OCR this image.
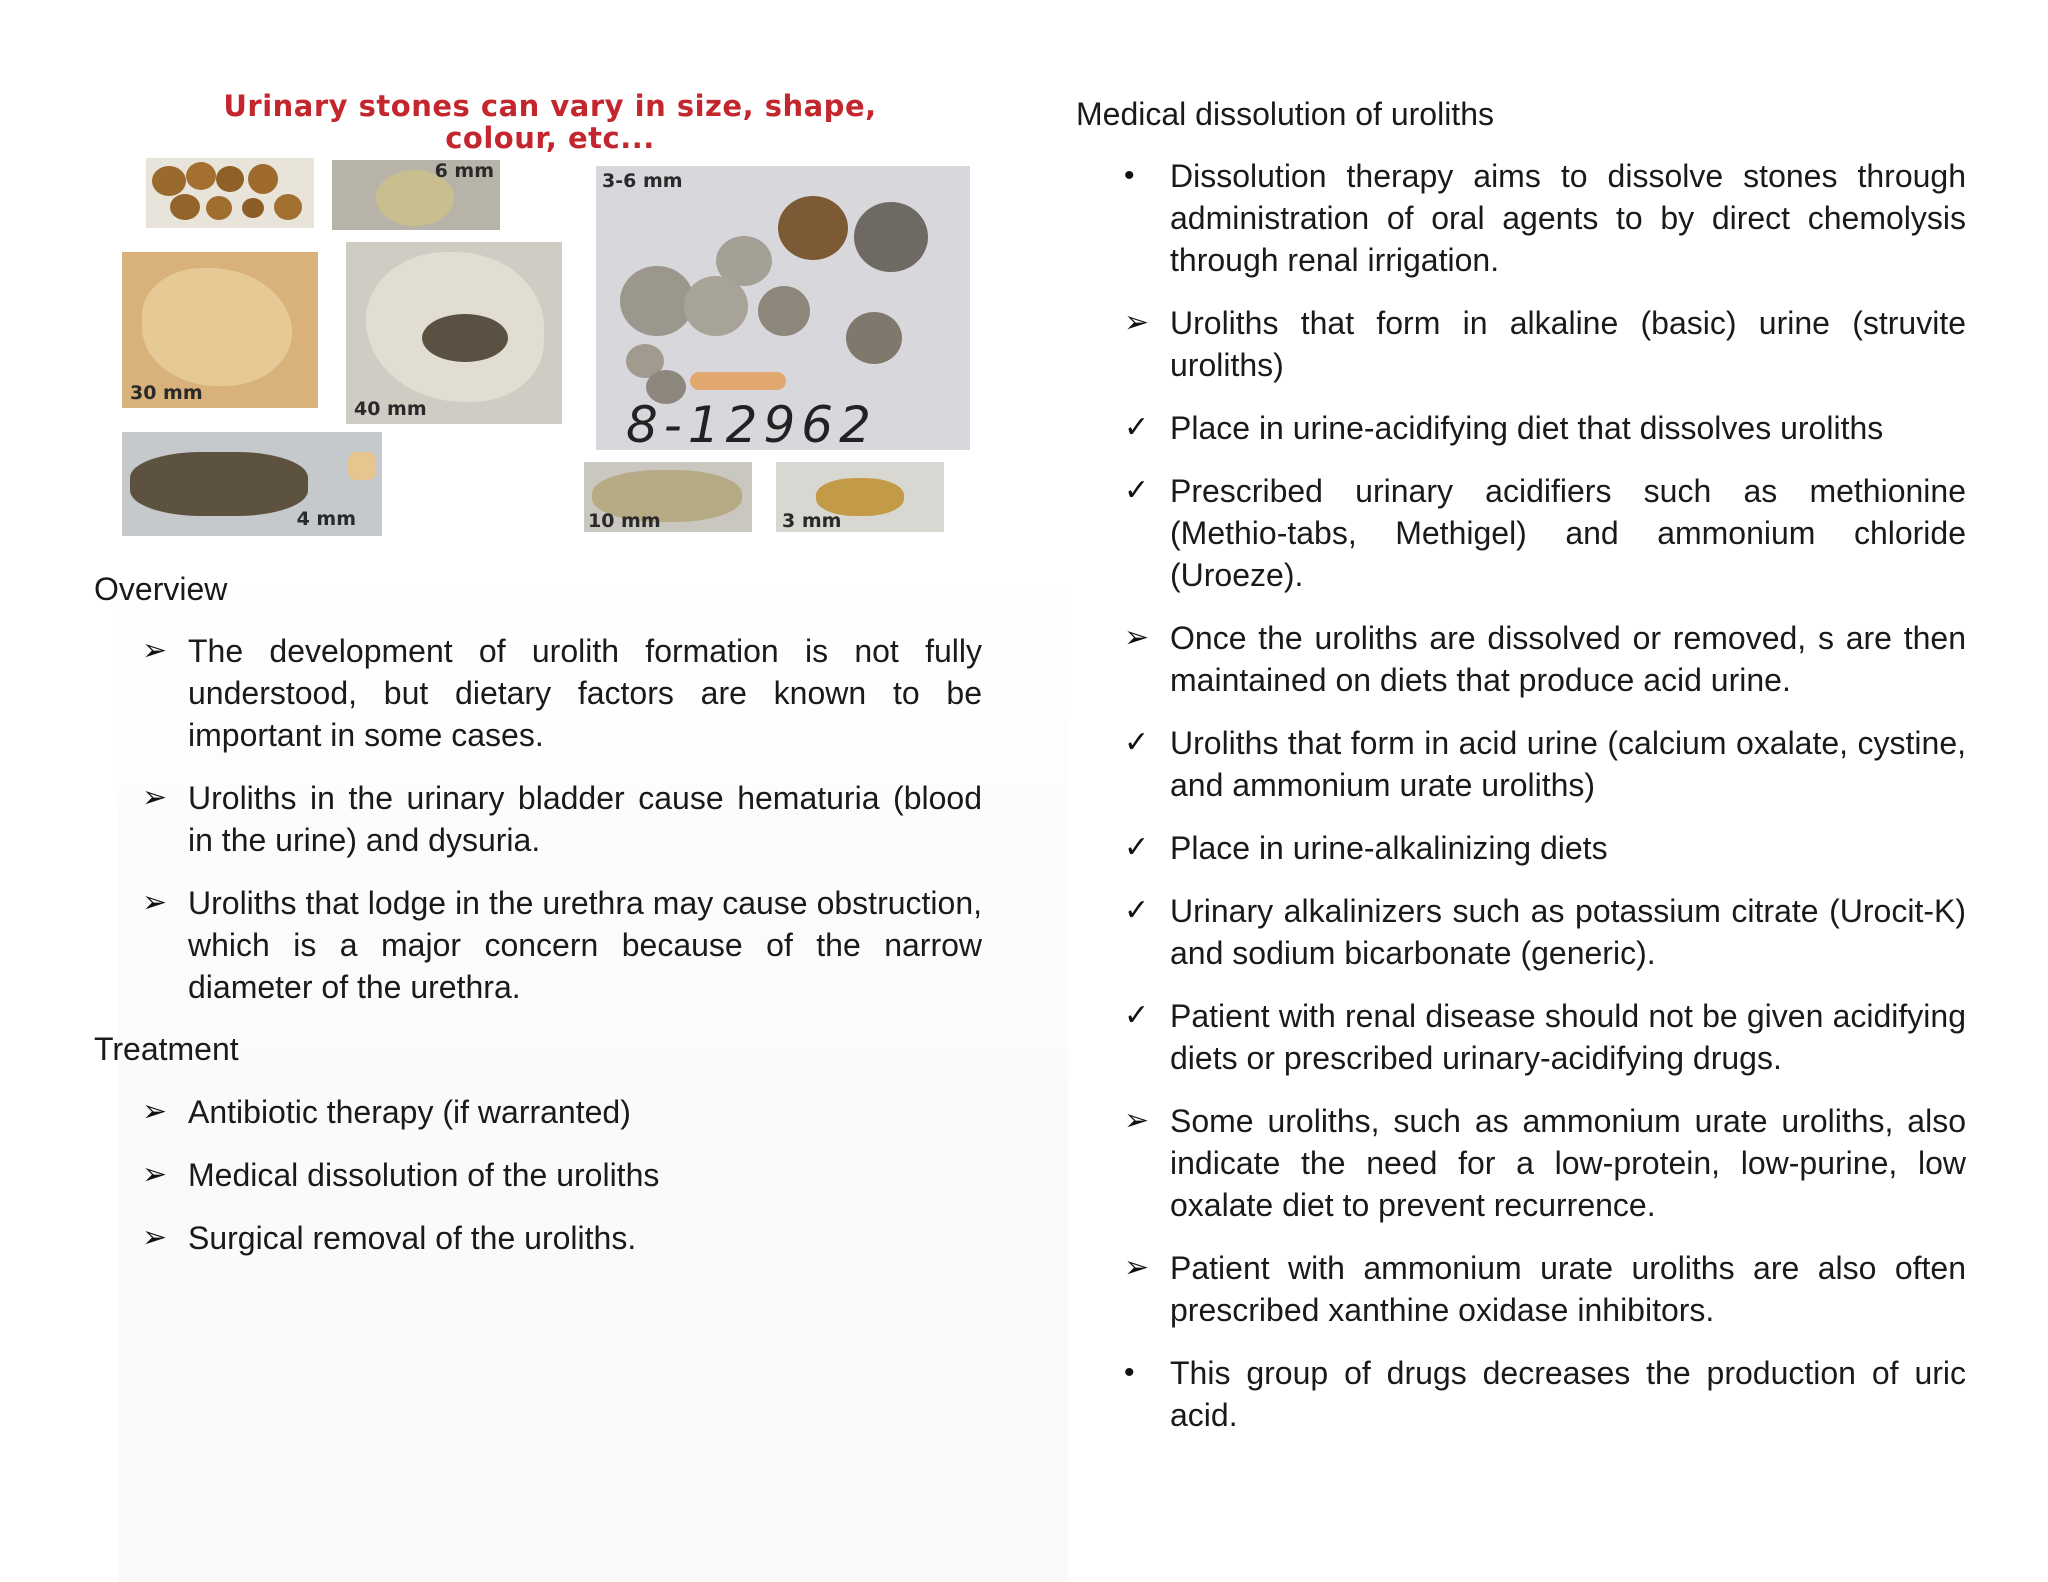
Urinary stones can vary in size, shape,
colour, etc...
6 mm	3-6 mm
8-12962
30 mm
40 mm
4 mm	10 mm	3 mm
Overview
➢ The development of urolith formation is not fully understood, but dietary factors are known to be important in some cases.
➢ Uroliths in the urinary bladder cause hematuria (blood in the urine) and dysuria.
➢ Uroliths that lodge in the urethra may cause obstruction, which is a major concern because of the narrow diameter of the urethra.
Treatment
➢ Antibiotic therapy (if warranted)
➢ Medical dissolution of the uroliths
➢ Surgical removal of the uroliths.
Medical dissolution of uroliths
•	Dissolution therapy aims to dissolve stones through administration of oral agents to by direct chemolysis through renal irrigation.
➢ Uroliths that form in alkaline (basic) urine (struvite uroliths)
✓ Place in urine-acidifying diet that dissolves uroliths
✓ Prescribed urinary acidifiers such as methionine (Methio-tabs, Methigel) and ammonium chloride (Uroeze).
➢ Once the uroliths are dissolved or removed, s are then maintained on diets that produce acid urine.
✓ Uroliths that form in acid urine (calcium oxalate, cystine, and ammonium urate uroliths)
✓ Place in urine-alkalinizing diets
✓ Urinary alkalinizers such as potassium citrate (Urocit-K) and sodium bicarbonate (generic).
✓ Patient with renal disease should not be given acidifying diets or prescribed urinary-acidifying drugs.
➢ Some uroliths, such as ammonium urate uroliths, also indicate the need for a low-protein, low-purine, low oxalate diet to prevent recurrence.
➢ Patient with ammonium urate uroliths are also often prescribed xanthine oxidase inhibitors.
•	This group of drugs decreases the production of uric acid.
